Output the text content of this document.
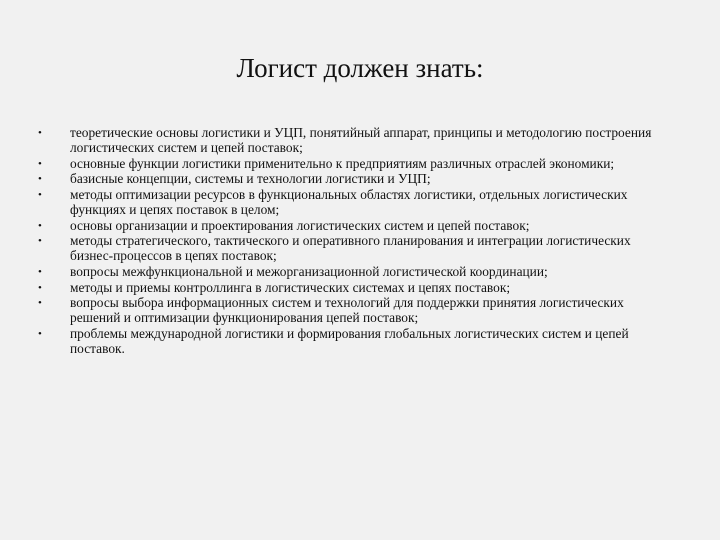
Логист должен знать:
• теоретические основы логистики и УЦП, понятийный аппарат, принципы и методологию построения логистических систем и цепей поставок;
• основные функции логистики применительно к предприятиям различных отраслей экономики;
• базисные концепции, системы и технологии логистики и УЦП;
• методы оптимизации ресурсов в функциональных областях логистики, отдельных логистических функциях и цепях поставок в целом;
• основы организации и проектирования логистических систем и цепей поставок;
• методы стратегического, тактического и оперативного планирования и интеграции логистических бизнес-процессов в цепях поставок;
• вопросы межфункциональной и межорганизационной логистической координации;
• методы и приемы контроллинга в логистических системах и цепях поставок;
• вопросы выбора информационных систем и технологий для поддержки принятия логистических решений и оптимизации функционирования цепей поставок;
• проблемы международной логистики и формирования глобальных логистических систем и цепей поставок.
